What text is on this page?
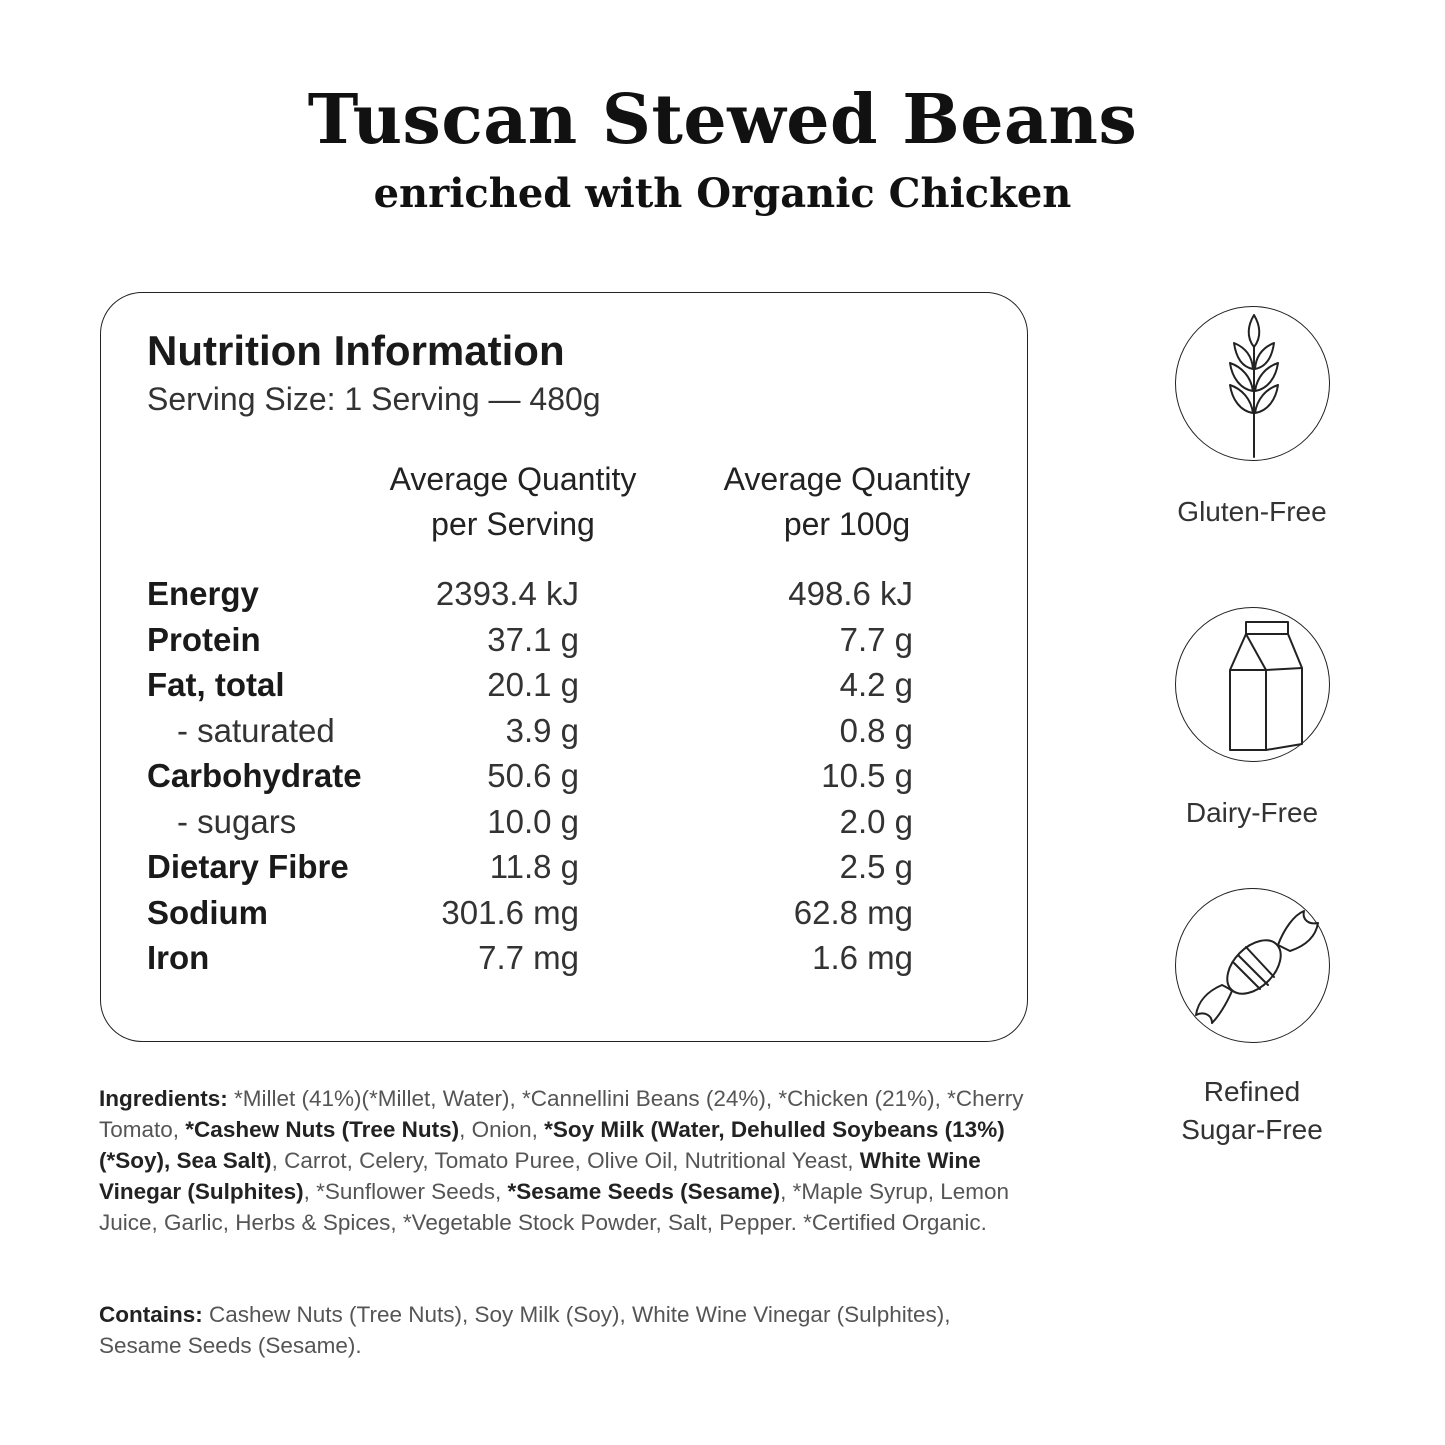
Tuscan Stewed Beans
enriched with Organic Chicken
Nutrition Information
Serving Size: 1 Serving — 480g
Average Quantity
per Serving
Average Quantity
per 100g
Energy	2393.4 kJ	498.6 kJ
Protein	37.1 g	7.7 g
Fat, total	20.1 g	4.2 g
- saturated	3.9 g	0.8 g
Carbohydrate	50.6 g	10.5 g
- sugars	10.0 g	2.0 g
Dietary Fibre	11.8 g	2.5 g
Sodium	301.6 mg	62.8 mg
Iron	7.7 mg	1.6 mg

Ingredients: *Millet (41%)(*Millet, Water), *Cannellini Beans (24%), *Chicken (21%), *Cherry Tomato, *Cashew Nuts (Tree Nuts), Onion, *Soy Milk (Water, Dehulled Soybeans (13%)(*Soy), Sea Salt), Carrot, Celery, Tomato Puree, Olive Oil, Nutritional Yeast, White Wine Vinegar (Sulphites), *Sunflower Seeds, *Sesame Seeds (Sesame), *Maple Syrup, Lemon Juice, Garlic, Herbs & Spices, *Vegetable Stock Powder, Salt, Pepper. *Certified Organic.

Contains: Cashew Nuts (Tree Nuts), Soy Milk (Soy), White Wine Vinegar (Sulphites), Sesame Seeds (Sesame).

Gluten-Free
Dairy-Free
Refined Sugar-Free
